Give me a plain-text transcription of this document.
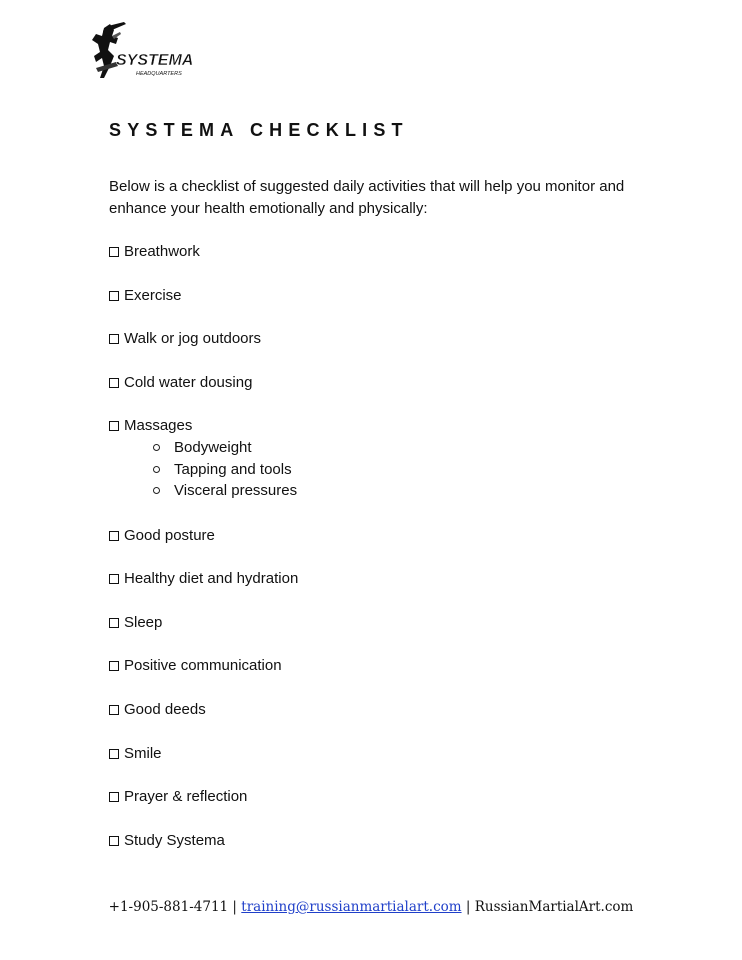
SYSTEMA
HEADQUARTERS
SYSTEMA CHECKLIST

Below is a checklist of suggested daily activities that will help you monitor and enhance your health emotionally and physically:

Breathwork
Exercise
Walk or jog outdoors
Cold water dousing
Massages
Bodyweight
Tapping and tools
Visceral pressures
Good posture
Healthy diet and hydration
Sleep
Positive communication
Good deeds
Smile
Prayer & reflection
Study Systema
+1-905-881-4711 | training@russianmartialart.com | RussianMartialArt.com
